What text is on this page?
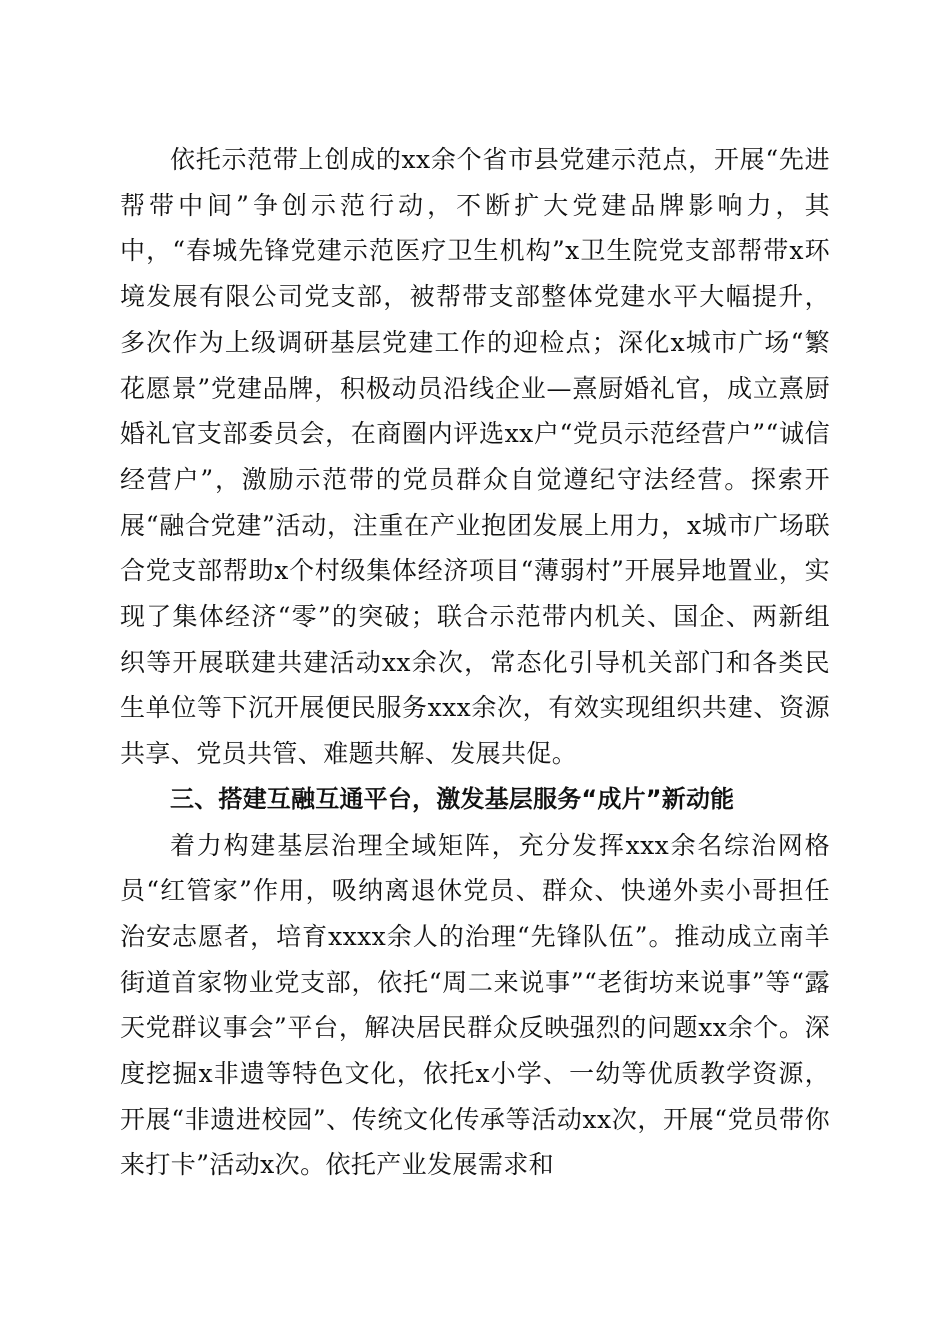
依托示范带上创成的xx余个省市县党建示范点，开展“先进帮带中间”争创示范行动，不断扩大党建品牌影响力，其中，“春城先锋党建示范医疗卫生机构”x卫生院党支部帮带x环境发展有限公司党支部，被帮带支部整体党建水平大幅提升，多次作为上级调研基层党建工作的迎检点；深化x城市广场“繁花愿景”党建品牌，积极动员沿线企业—熹厨婚礼官，成立熹厨婚礼官支部委员会，在商圈内评选xx户“党员示范经营户”“诚信经营户”，激励示范带的党员群众自觉遵纪守法经营。探索开展“融合党建”活动，注重在产业抱团发展上用力，x城市广场联合党支部帮助x个村级集体经济项目“薄弱村”开展异地置业，实现了集体经济“零”的突破；联合示范带内机关、国企、两新组织等开展联建共建活动xx余次，常态化引导机关部门和各类民生单位等下沉开展便民服务xxx余次，有效实现组织共建、资源共享、党员共管、难题共解、发展共促。

三、搭建互融互通平台，激发基层服务“成片”新动能

着力构建基层治理全域矩阵，充分发挥xxx余名综治网格员“红管家”作用，吸纳离退休党员、群众、快递外卖小哥担任治安志愿者，培育xxxx余人的治理“先锋队伍”。推动成立南羊街道首家物业党支部，依托“周二来说事”“老街坊来说事”等“露天党群议事会”平台，解决居民群众反映强烈的问题xx余个。深度挖掘x非遗等特色文化，依托x小学、一幼等优质教学资源，开展“非遗进校园”、传统文化传承等活动xx次，开展“党员带你来打卡”活动x次。依托产业发展需求和
